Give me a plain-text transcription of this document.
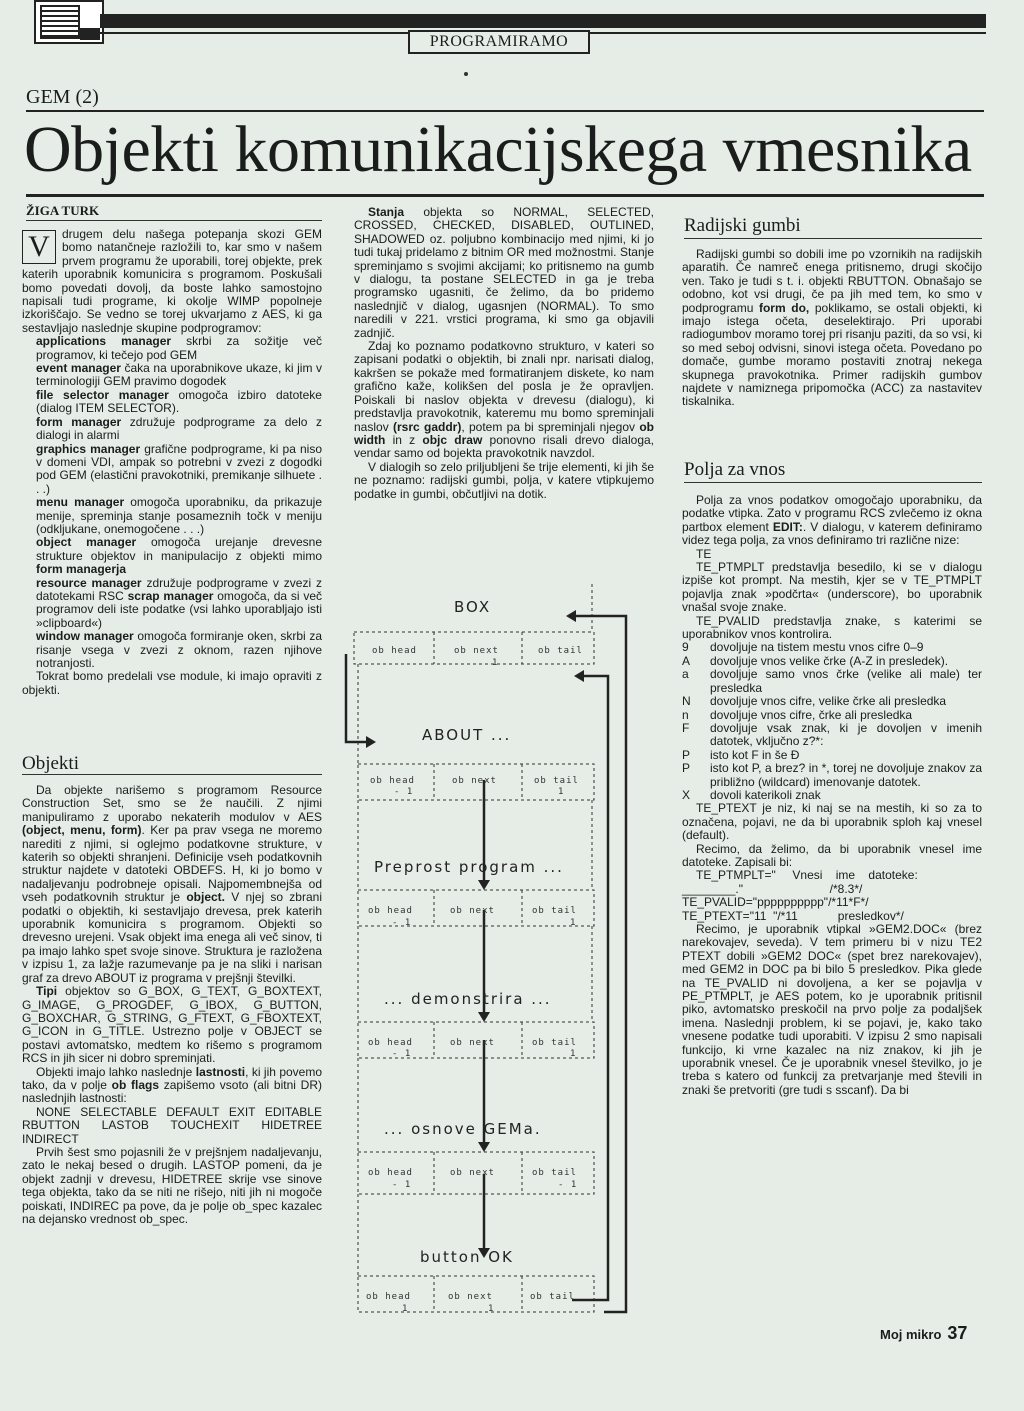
PROGRAMIRAMO
GEM (2)
Objekti komunikacijskega vmesnika
ŽIGA TURK
V	drugem delu našega potepanja skozi GEM bomo natančneje razložili to, kar smo v našem prvem programu že uporabili, torej objekte, prek katerih uporabnik komunicira s programom. Poskušali bomo povedati dovolj, da boste lahko samostojno napisali tudi programe, ki okolje WIMP popolneje izkoriščajo. Se vedno se torej ukvarjamo z AES, ki ga sestavljajo naslednje skupine podprogramov:

applications manager skrbi za sožitje več programov, ki tečejo pod GEM

event manager čaka na uporabnikove ukaze, ki jim v terminologiji GEM pravimo dogodek

file selector manager omogoča izbiro datoteke (dialog ITEM SELECTOR).

form manager združuje podprograme za delo z dialogi in alarmi

graphics manager grafične podprograme, ki pa niso v domeni VDI, ampak so potrebni v zvezi z dogodki pod GEM (elastični pravokotniki, premikanje silhuete . . .)

menu manager omogoča uporabniku, da prikazuje menije, spreminja stanje posameznih točk v meniju (odkljukane, onemogočene . . .)

object manager omogoča urejanje drevesne strukture objektov in manipulacijo z objekti mimo form managerja

resource manager združuje podprograme v zvezi z datotekami RSC scrap manager omogoča, da si več programov deli iste podatke (vsi lahko uporabljajo isti »clipboard«)

window manager omogoča formiranje oken, skrbi za risanje vsega v zvezi z oknom, razen njihove notranjosti.

Tokrat bomo predelali vse module, ki imajo opraviti z objekti.

Objekti

Da objekte narišemo s programom Resource Construction Set, smo se že naučili. Z njimi manipuliramo z uporabo nekaterih modulov v AES (object, menu, form). Ker pa prav vsega ne moremo narediti z njimi, si oglejmo podatkovne strukture, v katerih so objekti shranjeni. Definicije vseh podatkovnih struktur najdete v datoteki OBDEFS. H, ki jo bomo v nadaljevanju podrobneje opisali. Najpomembnejša od vseh podatkovnih struktur je object. V njej so zbrani podatki o objektih, ki sestavljajo drevesa, prek katerih uporabnik komunicira s programom. Objekti so drevesno urejeni. Vsak objekt ima enega ali več sinov, ti pa imajo lahko spet svoje sinove. Struktura je razložena v izpisu 1, za lažje razumevanje pa je na sliki i narisan graf za drevo ABOUT iz programa v prejšnji številki.

Tipi objektov so G_BOX, G_TEXT, G_BOXTEXT, G_IMAGE, G_PROGDEF, G_IBOX, G_BUTTON, G_BOXCHAR, G_STRING, G_FTEXT, G_FBOXTEXT, G_ICON in G_TITLE. Ustrezno polje v OBJECT se postavi avtomatsko, medtem ko rišemo s programom RCS in jih sicer ni dobro spreminjati.

Objekti imajo lahko naslednje lastnosti, ki jih povemo tako, da v polje ob flags zapišemo vsoto (ali bitni DR) naslednjih lastnosti:

NONE SELECTABLE DEFAULT EXIT EDITABLE RBUTTON LASTOB TOUCHEXIT HIDETREE INDIRECT

Prvih šest smo pojasnili že v prejšnjem nadaljevanju, zato le nekaj besed o drugih. LASTOP pomeni, da je objekt zadnji v drevesu, HIDETREE skrije vse sinove tega objekta, tako da se niti ne rišejo, niti jih ni mogoče poiskati, INDIREC pa pove, da je polje ob_spec kazalec na dejansko vrednost ob_spec.

Stanja objekta so NORMAL, SELECTED, CROSSED, CHECKED, DISABLED, OUTLINED, SHADOWED oz. poljubno kombinacijo med njimi, ki jo tudi tukaj pridelamo z bitnim OR med možnostmi. Stanje spreminjamo s svojimi akcijami; ko pritisnemo na gumb v dialogu, ta postane SELECTED in ga je treba programsko ugasniti, če želimo, da bo pridemo naslednjič v dialog, ugasnjen (NORMAL). To smo naredili v 221. vrstici programa, ki smo ga objavili zadnjič.

Zdaj ko poznamo podatkovno strukturo, v kateri so zapisani podatki o objektih, bi znali npr. narisati dialog, kakršen se pokaže med formatiranjem diskete, ko nam grafično kaže, kolikšen del posla je že opravljen. Poiskali bi naslov objekta v drevesu (dialogu), ki predstavlja pravokotnik, kateremu mu bomo spreminjali naslov (rsrc gaddr), potem pa bi spreminjali njegov ob width in z objc draw ponovno risali drevo dialoga, vendar samo od bojekta pravokotnik navzdol.

V dialogih so zelo priljubljeni še trije elementi, ki jih še ne poznamo: radijski gumbi, polja, v katere vtipkujemo podatke in gumbi, občutljivi na dotik.

BOX
ob head	ob next	ob tail
1
ABOUT ...
ob head	ob next	ob tail
- 1	1
Preprost program ...
ob head	ob next	ob tail
- 1	1
... demonstrira ...
ob head	ob next	ob tail
- 1	1
... osnove GEMa.
ob head	ob next	ob tail
- 1	- 1
button OK
ob head	ob next	ob tail
1	1
Radijski gumbi

Radijski gumbi so dobili ime po vzornikih na radijskih aparatih. Če namreč enega pritisnemo, drugi skočijo ven. Tako je tudi s t. i. objekti RBUTTON. Obnašajo se odobno, kot vsi drugi, če pa jih med tem, ko smo v podprogramu form do, poklikamo, se ostali objekti, ki imajo istega očeta, deselektirajo. Pri uporabi radiogumbov moramo torej pri risanju paziti, da so vsi, ki so med seboj odvisni, sinovi istega očeta. Povedano po domače, gumbe moramo postaviti znotraj nekega skupnega pravokotnika. Primer radijskih gumbov najdete v namiznega pripomočka (ACC) za nastavitev tiskalnika.

Polja za vnos

Polja za vnos podatkov omogočajo uporabniku, da podatke vtipka. Zato v programu RCS zvlečemo iz okna partbox element EDIT:. V dialogu, v katerem definiramo videz tega polja, za vnos definiramo tri različne nize:

TE

TE_PTMPLT predstavlja besedilo, ki se v dialogu izpiše kot prompt. Na mestih, kjer se v TE_PTMPLT pojavlja znak »podčrta« (underscore), bo uporabnik vnašal svoje znake.

TE_PVALID predstavlja znake, s katerimi se uporabnikov vnos kontrolira.

9	dovoljuje na tistem mestu vnos cifre 0–9
A	dovoljuje vnos velike črke (A-Z in presledek).
a	dovoljuje samo vnos črke (velike ali male) ter presledka
N	dovoljuje vnos cifre, velike črke ali presledka
n	dovoljuje vnos cifre, črke ali presledka
F	dovoljuje vsak znak, ki je dovoljen v imenih datotek, vključno z?*:
P	isto kot F in še Đ
P	isto kot P, a brez? in *, torej ne dovoljuje znakov za približno (wildcard) imenovanje datotek.
X	dovoli katerikoli znak

TE_PTEXT je niz, ki naj se na mestih, ki so za to označena, pojavi, ne da bi uporabnik sploh kaj vnesel (default).

Recimo, da želimo, da bi uporabnik vnesel ime datoteke. Zapisali bi:

TE_PTMPLT="     Vnesi    ime    datoteke:
________."                          /*8.3*/
TE_PVALID="pppppppppp"/*11*F*/
TE_PTEXT="11  "/*11            presledkov*/

Recimo, je uporabnik vtipkal »GEM2.DOC« (brez narekovajev, seveda). V tem primeru bi v nizu TE2 PTEXT dobili »GEM2 DOC« (spet brez narekovajev), med GEM2 in DOC pa bi bilo 5 presledkov. Pika glede na TE_PVALID ni dovoljena, a ker se pojavlja v PE_PTMPLT, je AES potem, ko je uporabnik pritisnil piko, avtomatsko preskočil na prvo polje za podaljšek imena. Naslednji problem, ki se pojavi, je, kako tako vnesene podatke tudi uporabiti. V izpisu 2 smo napisali funkcijo, ki vrne kazalec na niz znakov, ki jih je uporabnik vnesel. Če je uporabnik vnesel številko, jo je treba s katero od funkcij za pretvarjanje med števili in znaki še pretvoriti (gre tudi s sscanf). Da bi

Moj mikro 37
